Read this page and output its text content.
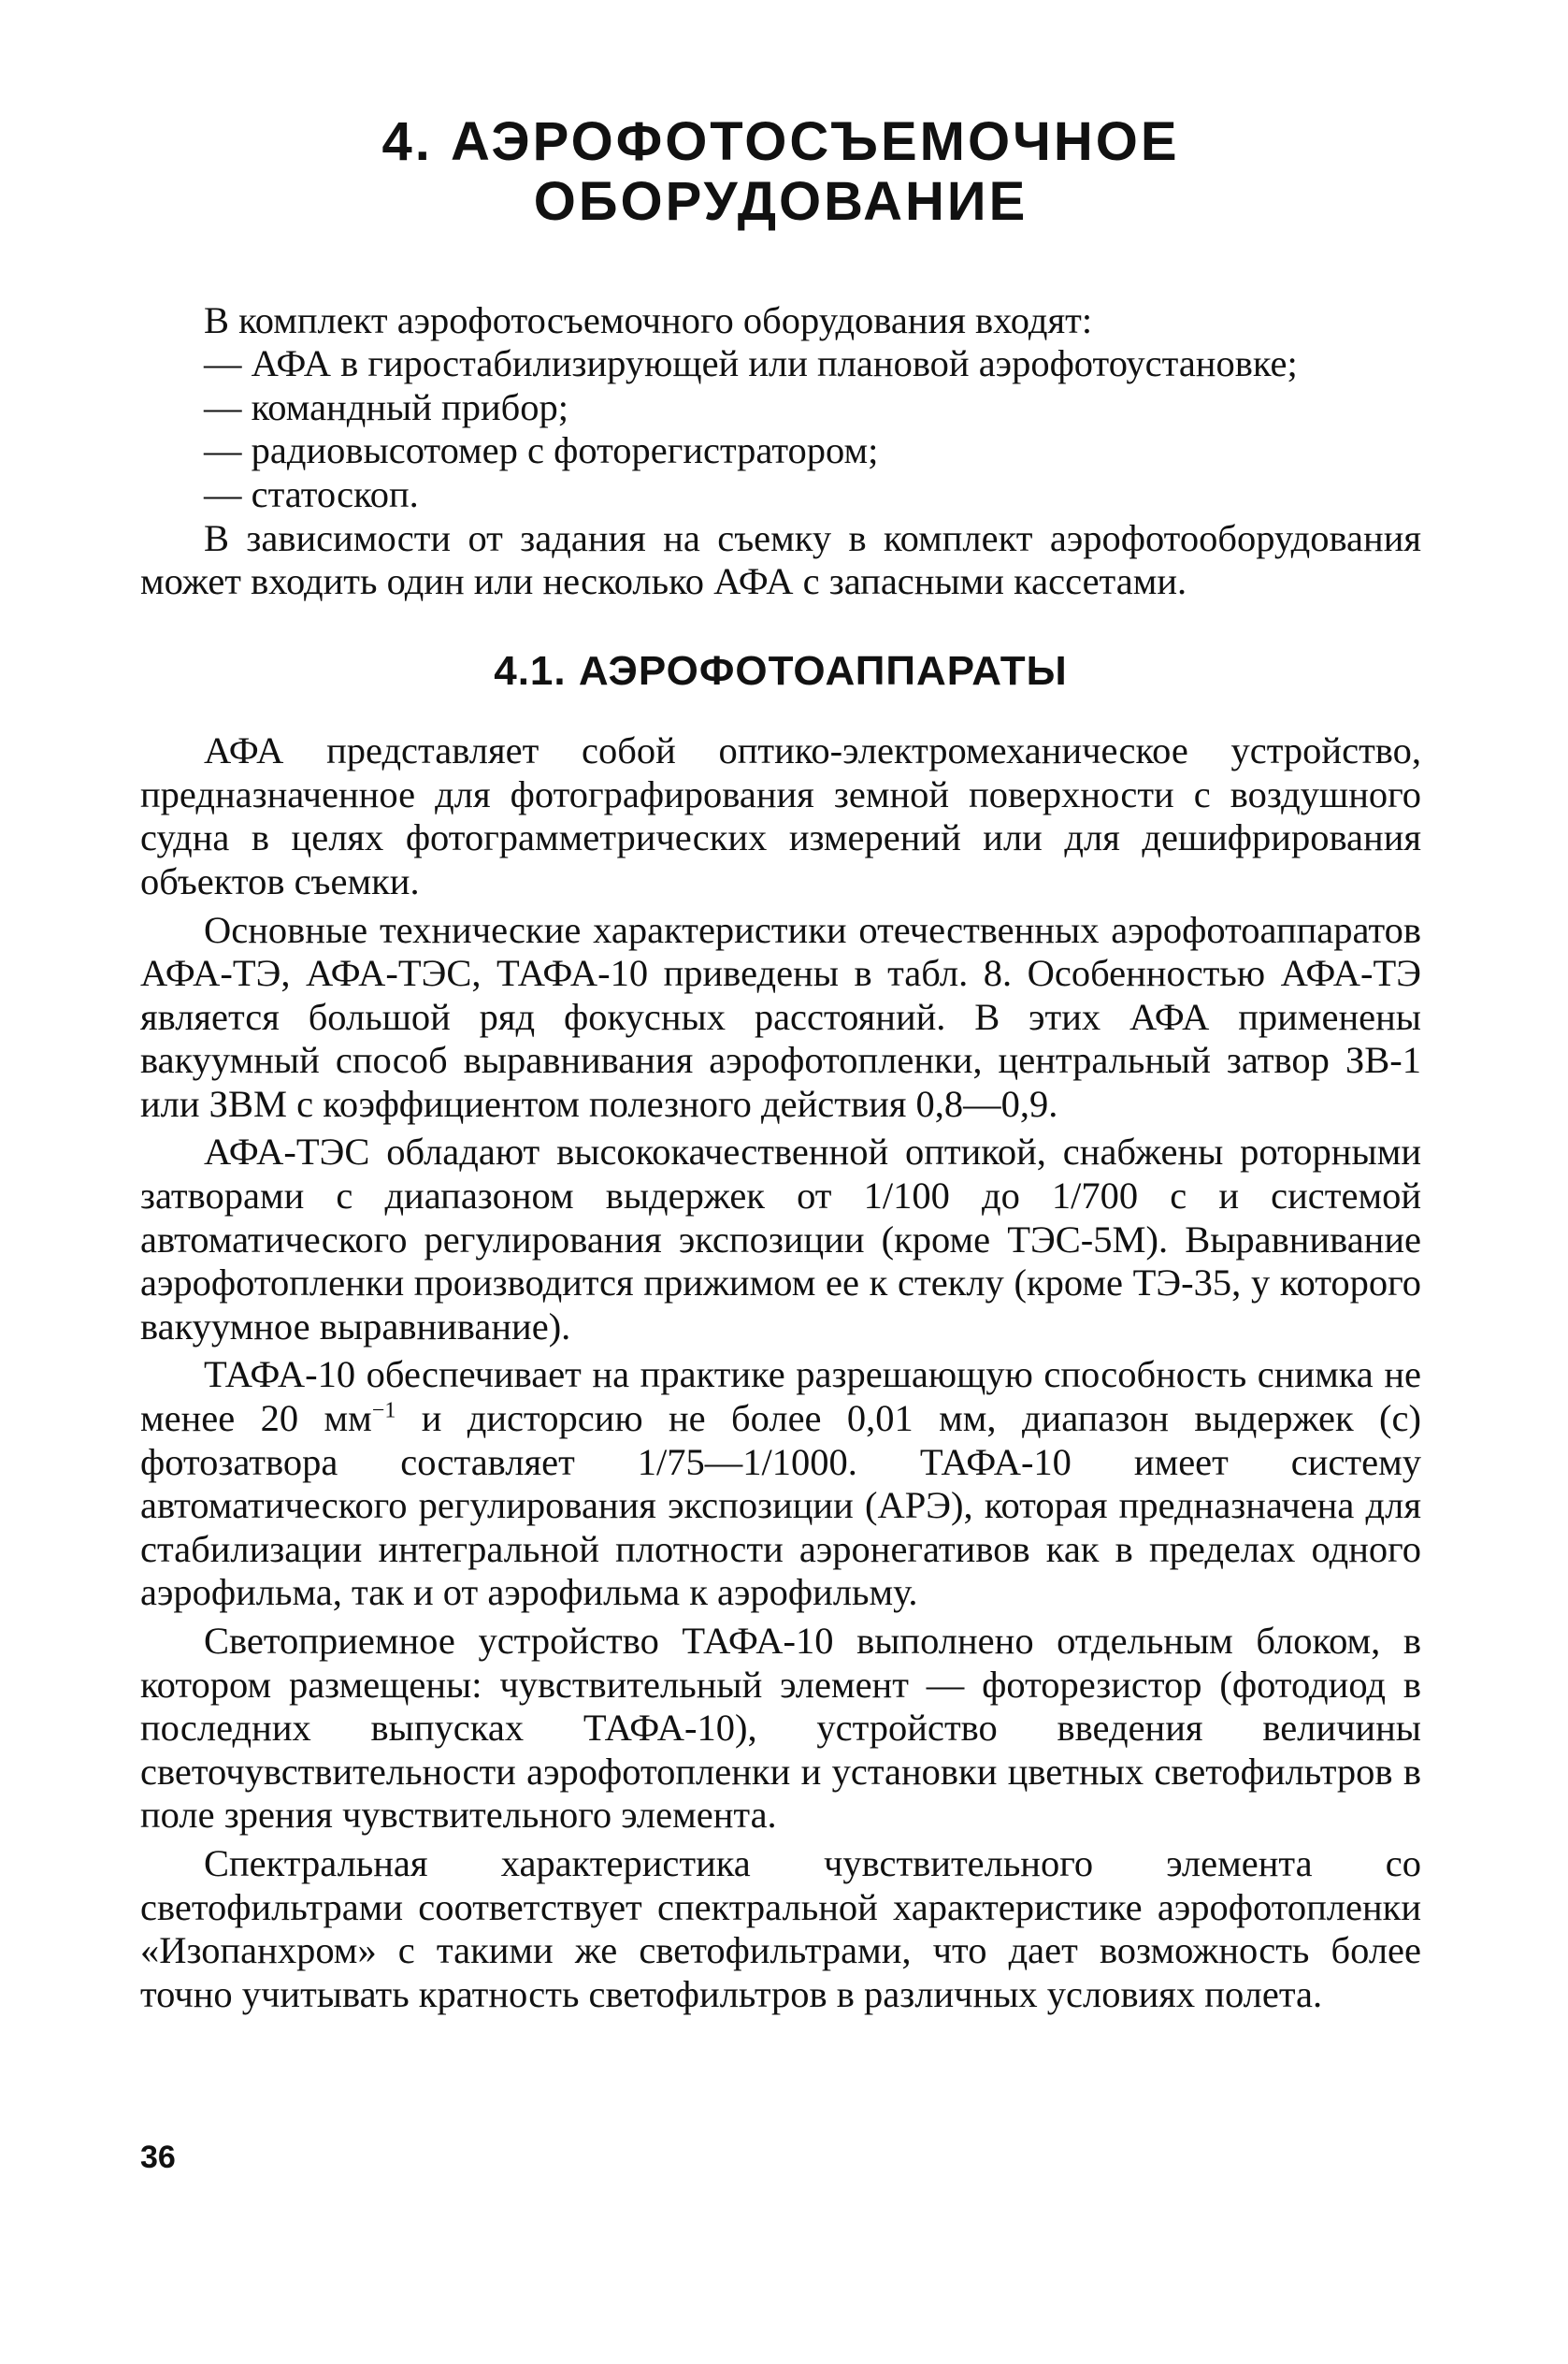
4. АЭРОФОТОСЪЕМОЧНОЕ ОБОРУДОВАНИЕ

В комплект аэрофотосъемочного оборудования входят:

— АФА в гиростабилизирующей или плановой аэрофотоустановке;

— командный прибор;

— радиовысотомер с фоторегистратором;

— статоскоп.

В зависимости от задания на съемку в комплект аэрофотооборудования может входить один или несколько АФА с запасными кассетами.

4.1. АЭРОФОТОАППАРАТЫ

АФА представляет собой оптико-электромеханическое устройство, предназначенное для фотографирования земной поверхности с воздушного судна в целях фотограмметрических измерений или для дешифрирования объектов съемки.

Основные технические характеристики отечественных аэрофотоаппаратов АФА-ТЭ, АФА-ТЭС, ТАФА-10 приведены в табл. 8. Особенностью АФА-ТЭ является большой ряд фокусных расстояний. В этих АФА применены вакуумный способ выравнивания аэрофотопленки, центральный затвор ЗВ-1 или ЗВМ с коэффициентом полезного действия 0,8—0,9.

АФА-ТЭС обладают высококачественной оптикой, снабжены роторными затворами с диапазоном выдержек от 1/100 до 1/700 с и системой автоматического регулирования экспозиции (кроме ТЭС-5М). Выравнивание аэрофотопленки производится прижимом ее к стеклу (кроме ТЭ-35, у которого вакуумное выравнивание).

ТАФА-10 обеспечивает на практике разрешающую способность снимка не менее 20 $мм^{-1}$ и дисторсию не более 0,01 мм, диапазон выдержек (с) фотозатвора составляет 1/75—1/1000. ТАФА-10 имеет систему автоматического регулирования экспозиции (АРЭ), которая предназначена для стабилизации интегральной плотности аэронегативов как в пределах одного аэрофильма, так и от аэрофильма к аэрофильму.

Светоприемное устройство ТАФА-10 выполнено отдельным блоком, в котором размещены: чувствительный элемент — фоторезистор (фотодиод в последних выпусках ТАФА-10), устройство введения величины светочувствительности аэрофотопленки и установки цветных светофильтров в поле зрения чувствительного элемента.

Спектральная характеристика чувствительного элемента со светофильтрами соответствует спектральной характеристике аэрофотопленки «Изопанхром» с такими же светофильтрами, что дает возможность более точно учитывать кратность светофильтров в различных условиях полета.

36
